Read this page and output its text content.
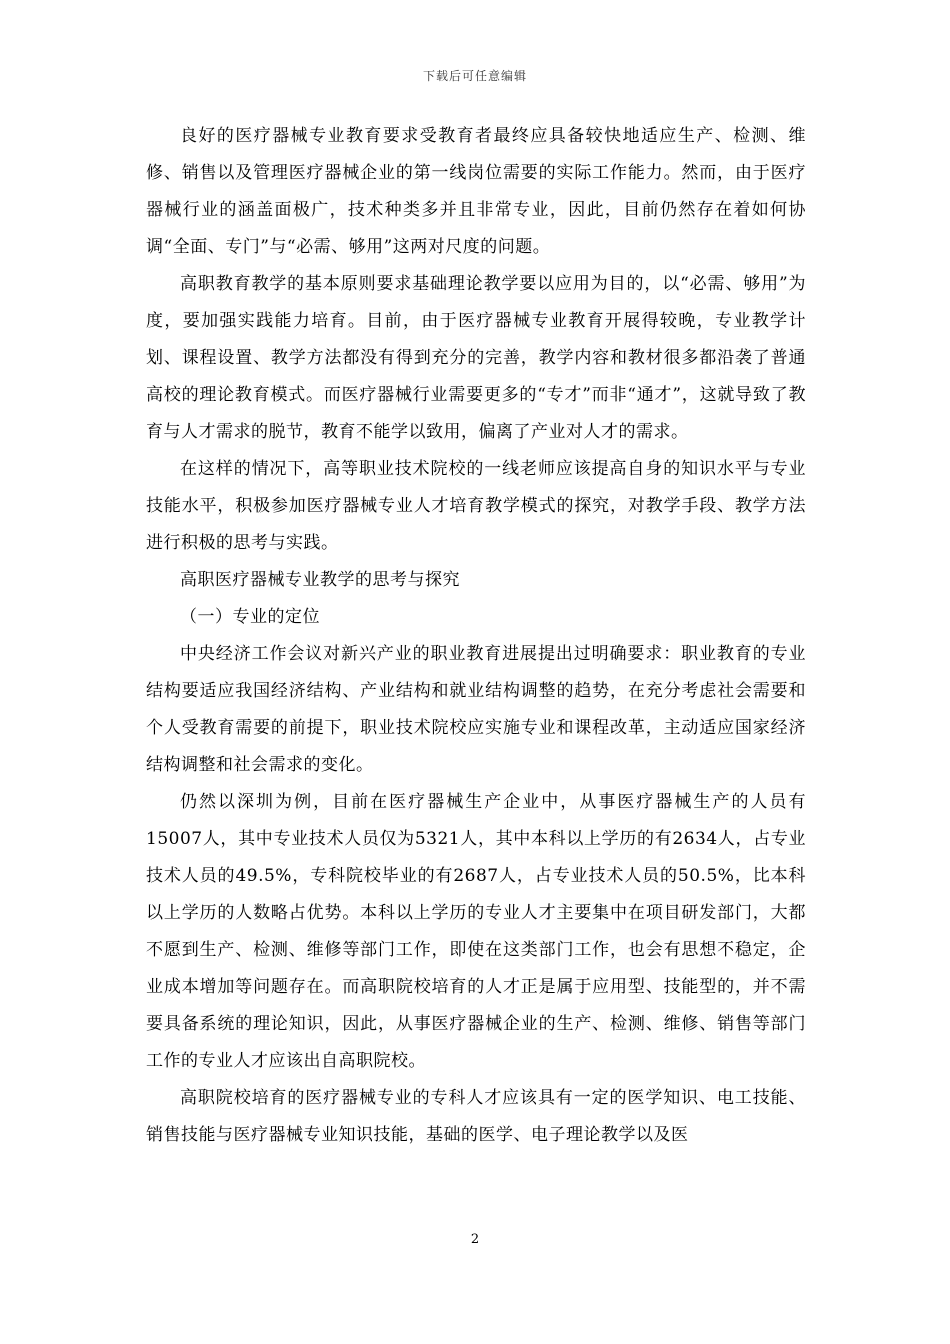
下载后可任意编辑

良好的医疗器械专业教育要求受教育者最终应具备较快地适应生产、检测、维修、销售以及管理医疗器械企业的第一线岗位需要的实际工作能力。然而，由于医疗器械行业的涵盖面极广，技术种类多并且非常专业，因此，目前仍然存在着如何协调“全面、专门”与“必需、够用”这两对尺度的问题。

高职教育教学的基本原则要求基础理论教学要以应用为目的，以“必需、够用”为度，要加强实践能力培育。目前，由于医疗器械专业教育开展得较晚，专业教学计划、课程设置、教学方法都没有得到充分的完善，教学内容和教材很多都沿袭了普通高校的理论教育模式。而医疗器械行业需要更多的“专才”而非“通才”，这就导致了教育与人才需求的脱节，教育不能学以致用，偏离了产业对人才的需求。

在这样的情况下，高等职业技术院校的一线老师应该提高自身的知识水平与专业技能水平，积极参加医疗器械专业人才培育教学模式的探究，对教学手段、教学方法进行积极的思考与实践。

高职医疗器械专业教学的思考与探究

（一）专业的定位

中央经济工作会议对新兴产业的职业教育进展提出过明确要求：职业教育的专业结构要适应我国经济结构、产业结构和就业结构调整的趋势，在充分考虑社会需要和个人受教育需要的前提下，职业技术院校应实施专业和课程改革，主动适应国家经济结构调整和社会需求的变化。

仍然以深圳为例，目前在医疗器械生产企业中，从事医疗器械生产的人员有15007人，其中专业技术人员仅为5321人，其中本科以上学历的有2634人，占专业技术人员的49.5%，专科院校毕业的有2687人，占专业技术人员的50.5%，比本科以上学历的人数略占优势。本科以上学历的专业人才主要集中在项目研发部门，大都不愿到生产、检测、维修等部门工作，即使在这类部门工作，也会有思想不稳定，企业成本增加等问题存在。而高职院校培育的人才正是属于应用型、技能型的，并不需要具备系统的理论知识，因此，从事医疗器械企业的生产、检测、维修、销售等部门工作的专业人才应该出自高职院校。

高职院校培育的医疗器械专业的专科人才应该具有一定的医学知识、电工技能、销售技能与医疗器械专业知识技能，基础的医学、电子理论教学以及医

2
